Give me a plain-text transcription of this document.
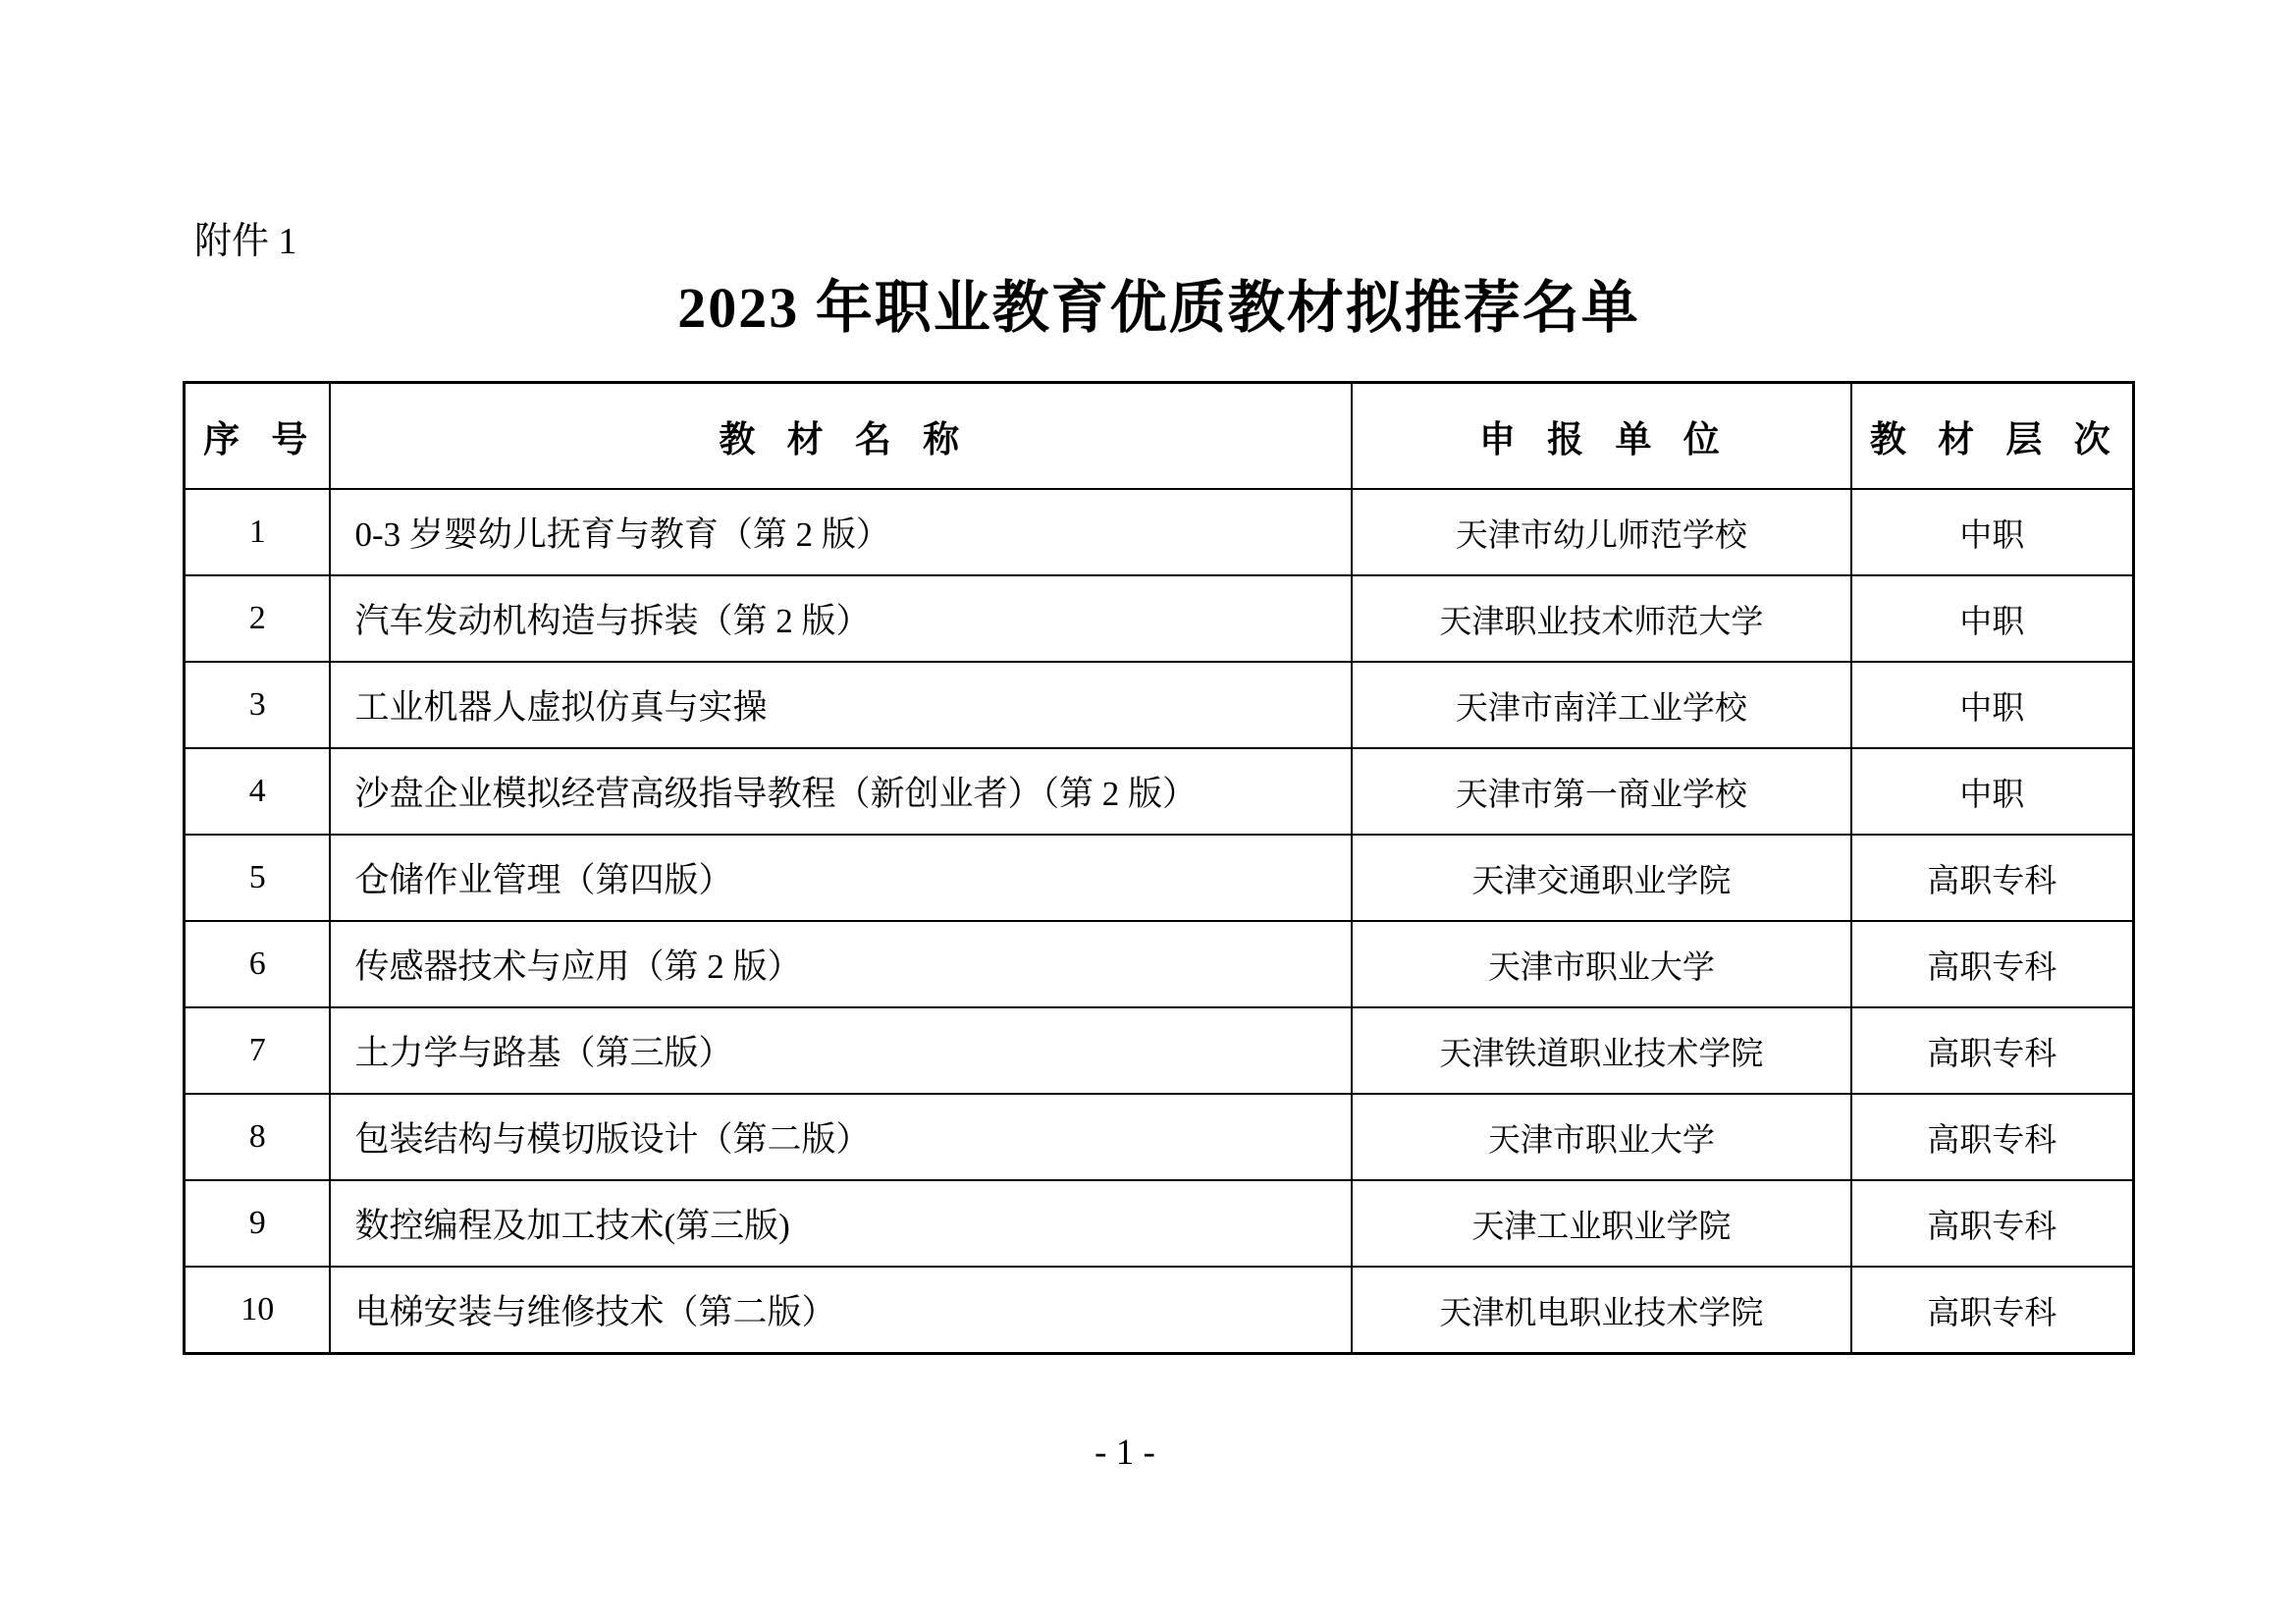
附件 1
2023 年职业教育优质教材拟推荐名单
序 号	教 材 名 称	申 报 单 位	教 材 层 次
1	0-3 岁婴幼儿抚育与教育（第 2 版）	天津市幼儿师范学校	中职
2	汽车发动机构造与拆装（第 2 版）	天津职业技术师范大学	中职
3	工业机器人虚拟仿真与实操	天津市南洋工业学校	中职
4	沙盘企业模拟经营高级指导教程（新创业者）（第 2 版）	天津市第一商业学校	中职
5	仓储作业管理（第四版）	天津交通职业学院	高职专科
6	传感器技术与应用（第 2 版）	天津市职业大学	高职专科
7	土力学与路基（第三版）	天津铁道职业技术学院	高职专科
8	包装结构与模切版设计（第二版）	天津市职业大学	高职专科
9	数控编程及加工技术(第三版)	天津工业职业学院	高职专科
10	电梯安装与维修技术（第二版）	天津机电职业技术学院	高职专科
- 1 -
